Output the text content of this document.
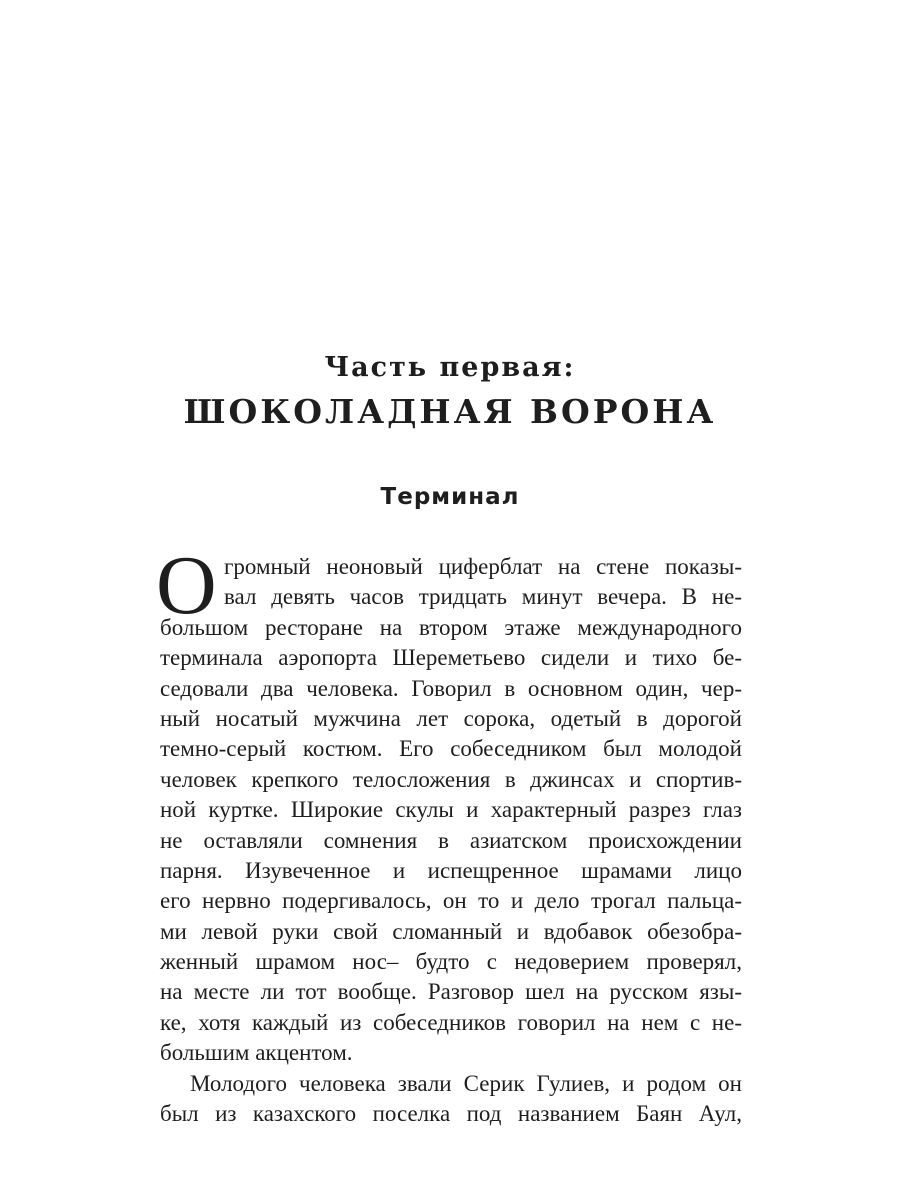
Часть первая:
ШОКОЛАДНАЯ ВОРОНА
Терминал
О громный неоновый циферблат на стене показы-
вал девять часов тридцать минут вечера. В не-
большом ресторане на втором этаже международного
терминала аэропорта Шереметьево сидели и тихо бе-
седовали два человека. Говорил в основном один, чер-
ный носатый мужчина лет сорока, одетый в дорогой
темно-серый костюм. Его собеседником был молодой
человек крепкого телосложения в джинсах и спортив-
ной куртке. Широкие скулы и характерный разрез глаз
не оставляли сомнения в азиатском происхождении
парня. Изувеченное и испещренное шрамами лицо
его нервно подергивалось, он то и дело трогал пальца-
ми левой руки свой сломанный и вдобавок обезобра-
женный шрамом нос– будто с недоверием проверял,
на месте ли тот вообще. Разговор шел на русском язы-
ке, хотя каждый из собеседников говорил на нем с не-
большим акцентом.
Молодого человека звали Серик Гулиев, и родом он
был из казахского поселка под названием Баян Аул,
